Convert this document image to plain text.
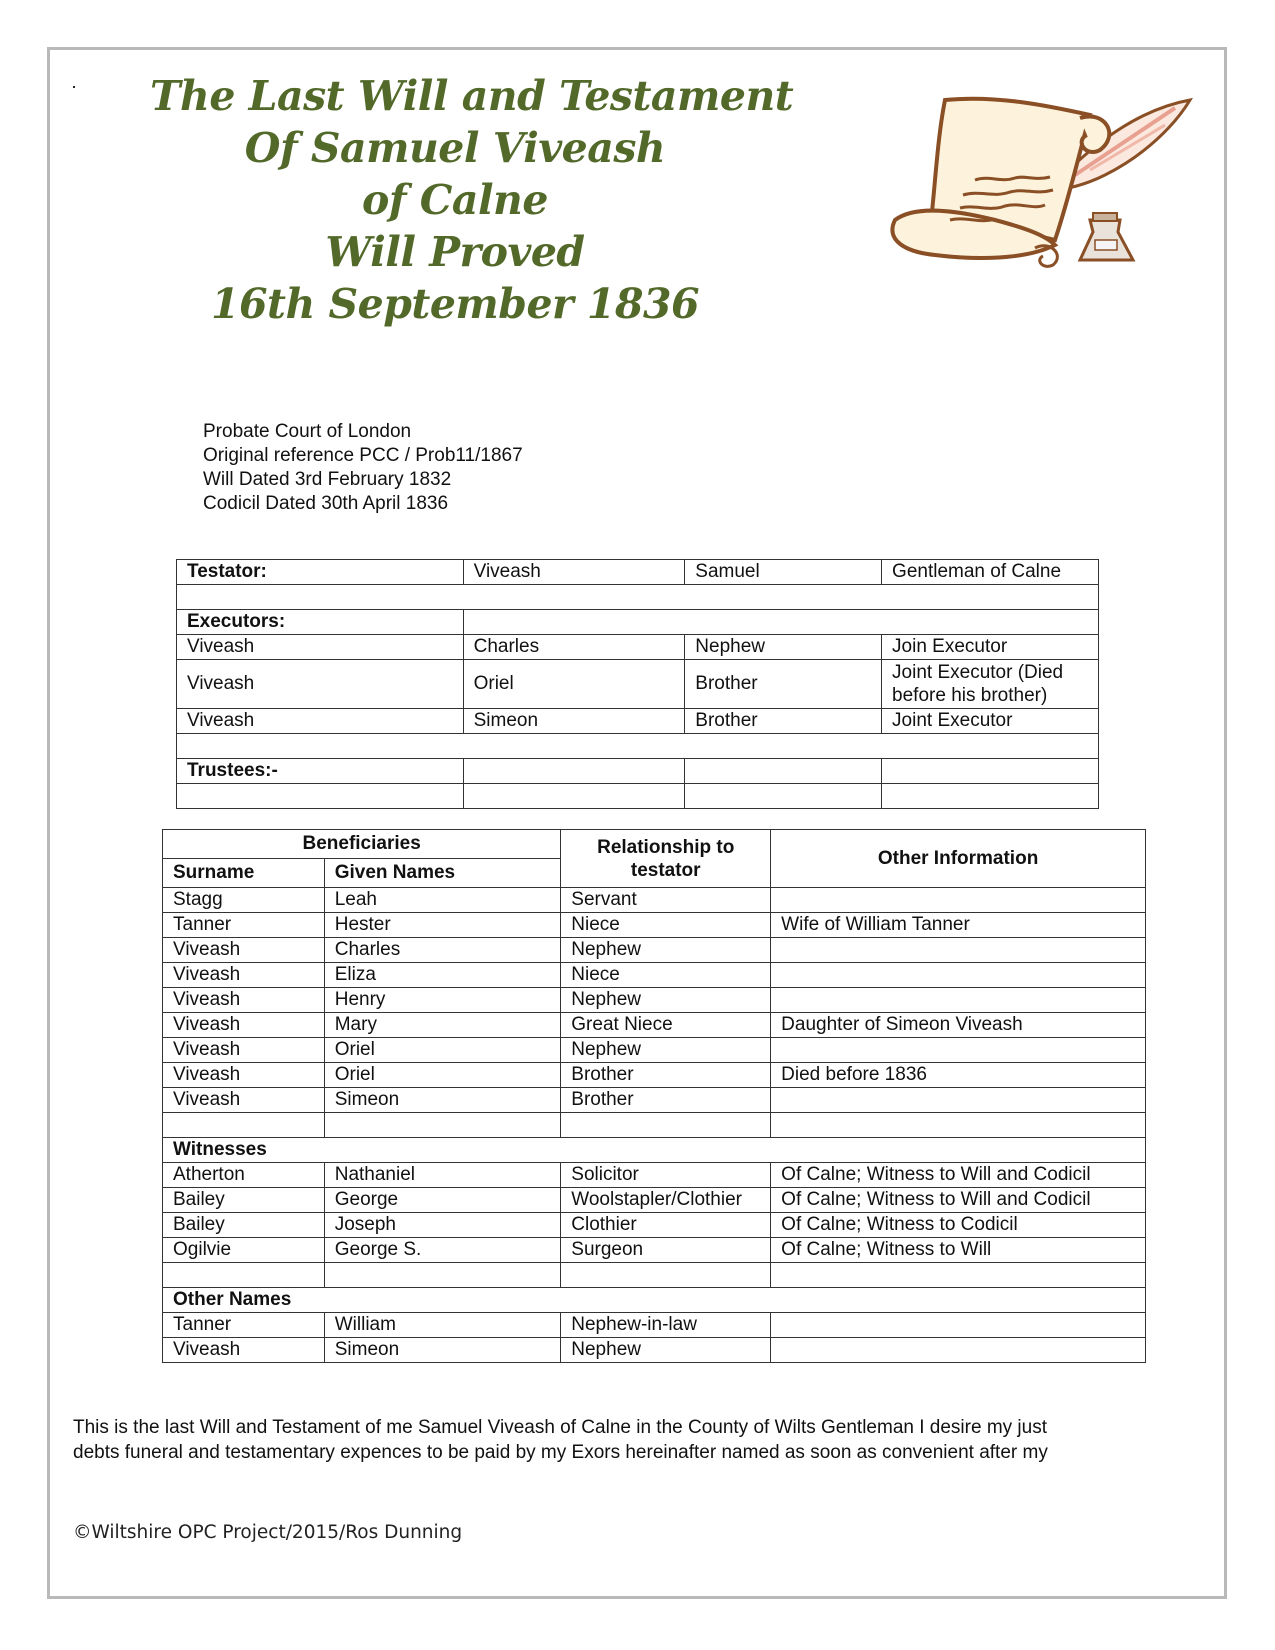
The Last Will and Testament
Of Samuel Viveash
of Calne
Will Proved
16th September 1836
Probate Court of London
Original reference PCC / Prob11/1867
Will Dated 3rd February 1832
Codicil Dated 30th April 1836
Testator:	Viveash	Samuel	Gentleman of Calne

Executors:			
Viveash	Charles	Nephew	Join Executor
Viveash	Oriel	Brother	Joint Executor (Died before his brother)
Viveash	Simeon	Brother	Joint Executor

Trustees:-			

Beneficiaries		Relationship to testator	Other Information
Surname	Given Names		
Stagg	Leah	Servant	
Tanner	Hester	Niece	Wife of William Tanner
Viveash	Charles	Nephew	
Viveash	Eliza	Niece	
Viveash	Henry	Nephew	
Viveash	Mary	Great Niece	Daughter of Simeon Viveash
Viveash	Oriel	Nephew	
Viveash	Oriel	Brother	Died before 1836
Viveash	Simeon	Brother	

Witnesses			
Atherton	Nathaniel	Solicitor	Of Calne; Witness to Will and Codicil
Bailey	George	Woolstapler/Clothier	Of Calne; Witness to Will and Codicil
Bailey	Joseph	Clothier	Of Calne; Witness to Codicil
Ogilvie	George S.	Surgeon	Of Calne; Witness to Will

Other Names			
Tanner	William	Nephew-in-law	
Viveash	Simeon	Nephew	
This is the last Will and Testament of me Samuel Viveash of Calne in the County of Wilts Gentleman I desire my just
debts funeral and testamentary expences to be paid by my Exors hereinafter named as soon as convenient after my
©Wiltshire OPC Project/2015/Ros Dunning
